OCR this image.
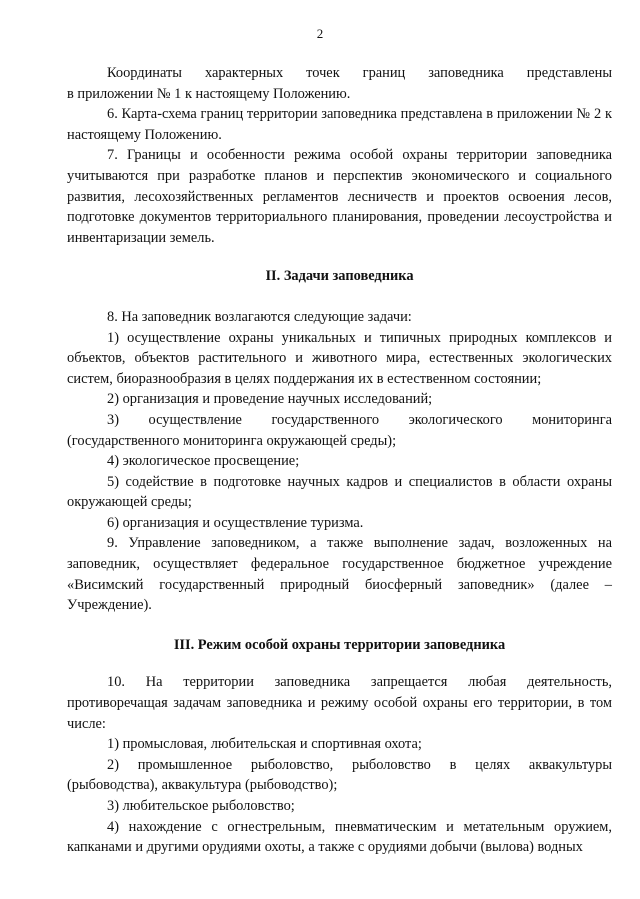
2

Координаты характерных точек границ заповедника представлены

в приложении № 1 к настоящему Положению.

6. Карта-схема границ территории заповедника представлена в приложении № 2 к настоящему Положению.

7. Границы и особенности режима особой охраны территории заповедника учитываются при разработке планов и перспектив экономического и социального развития, лесохозяйственных регламентов лесничеств и проектов освоения лесов, подготовке документов территориального планирования, проведении лесоустройства и инвентаризации земель.

II. Задачи заповедника

8. На заповедник возлагаются следующие задачи:

1) осуществление охраны уникальных и типичных природных комплексов и объектов, объектов растительного и животного мира, естественных экологических систем, биоразнообразия в целях поддержания их в естественном состоянии;

2) организация и проведение научных исследований;

3) осуществление государственного экологического мониторинга (государственного мониторинга окружающей среды);

4) экологическое просвещение;

5) содействие в подготовке научных кадров и специалистов в области охраны окружающей среды;

6) организация и осуществление туризма.

9. Управление заповедником, а также выполнение задач, возложенных на заповедник, осуществляет федеральное государственное бюджетное учреждение «Висимский государственный природный биосферный заповедник» (далее – Учреждение).

III. Режим особой охраны территории заповедника

10. На территории заповедника запрещается любая деятельность, противоречащая задачам заповедника и режиму особой охраны его территории, в том числе:

1) промысловая, любительская и спортивная охота;

2) промышленное рыболовство, рыболовство в целях аквакультуры (рыбоводства), аквакультура (рыбоводство);

3) любительское рыболовство;

4) нахождение с огнестрельным, пневматическим и метательным оружием, капканами и другими орудиями охоты, а также с орудиями добычи (вылова) водных
